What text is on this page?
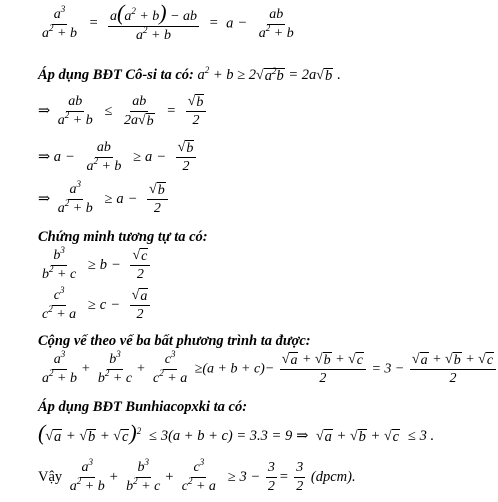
$\frac{a^3}{a^2 + b} = \frac{a(a^2 + b) - ab}{a^2 + b} = a - \frac{ab}{a^2 + b}$
Áp dụng BĐT Cô-si ta có: $a^2 + b \ge 2$ √ $a^2b = 2a$ √ b .
⇒ $\frac{ab}{a^2 + b} \le \frac{ab}{2a √ b} = \frac{√ b}{2}$
⇒ $a - \frac{ab}{a^2 + b} \ge a - \frac{√ b}{2}$
⇒ $\frac{a^3}{a^2 + b} \ge a - \frac{√ b}{2}$
Chứng minh tương tự ta có:
$\frac{b^3}{b^2 + c} \ge b - \frac{√ c}{2}$
$\frac{c^3}{c^2 + a} \ge c - \frac{√ a}{2}$
Cộng vế theo vế ba bất phương trình ta được:
$\frac{a^3}{a^2 + b} + \frac{b^3}{b^2 + c} + \frac{c^3}{c^2 + a} \ge(a + b + c)- \frac{√ a + √ b + √ c}{2} = 3 - \frac{√ a + √ b + √ c}{2}$
Áp dụng BĐT Bunhiacopxki ta có:
( √ a + √ b + √ c )$^2$ ≤ 3(a + b + c) = 3.3 = 9 ⇒ √ a + √ b + √ c ≤ 3 .
Vậy $\frac{a^3}{a^2 + b} + \frac{b^3}{b^2 + c} + \frac{c^3}{c^2 + a} \ge 3 - \frac{3}{2} = \frac{3}{2}$ (dpcm).
